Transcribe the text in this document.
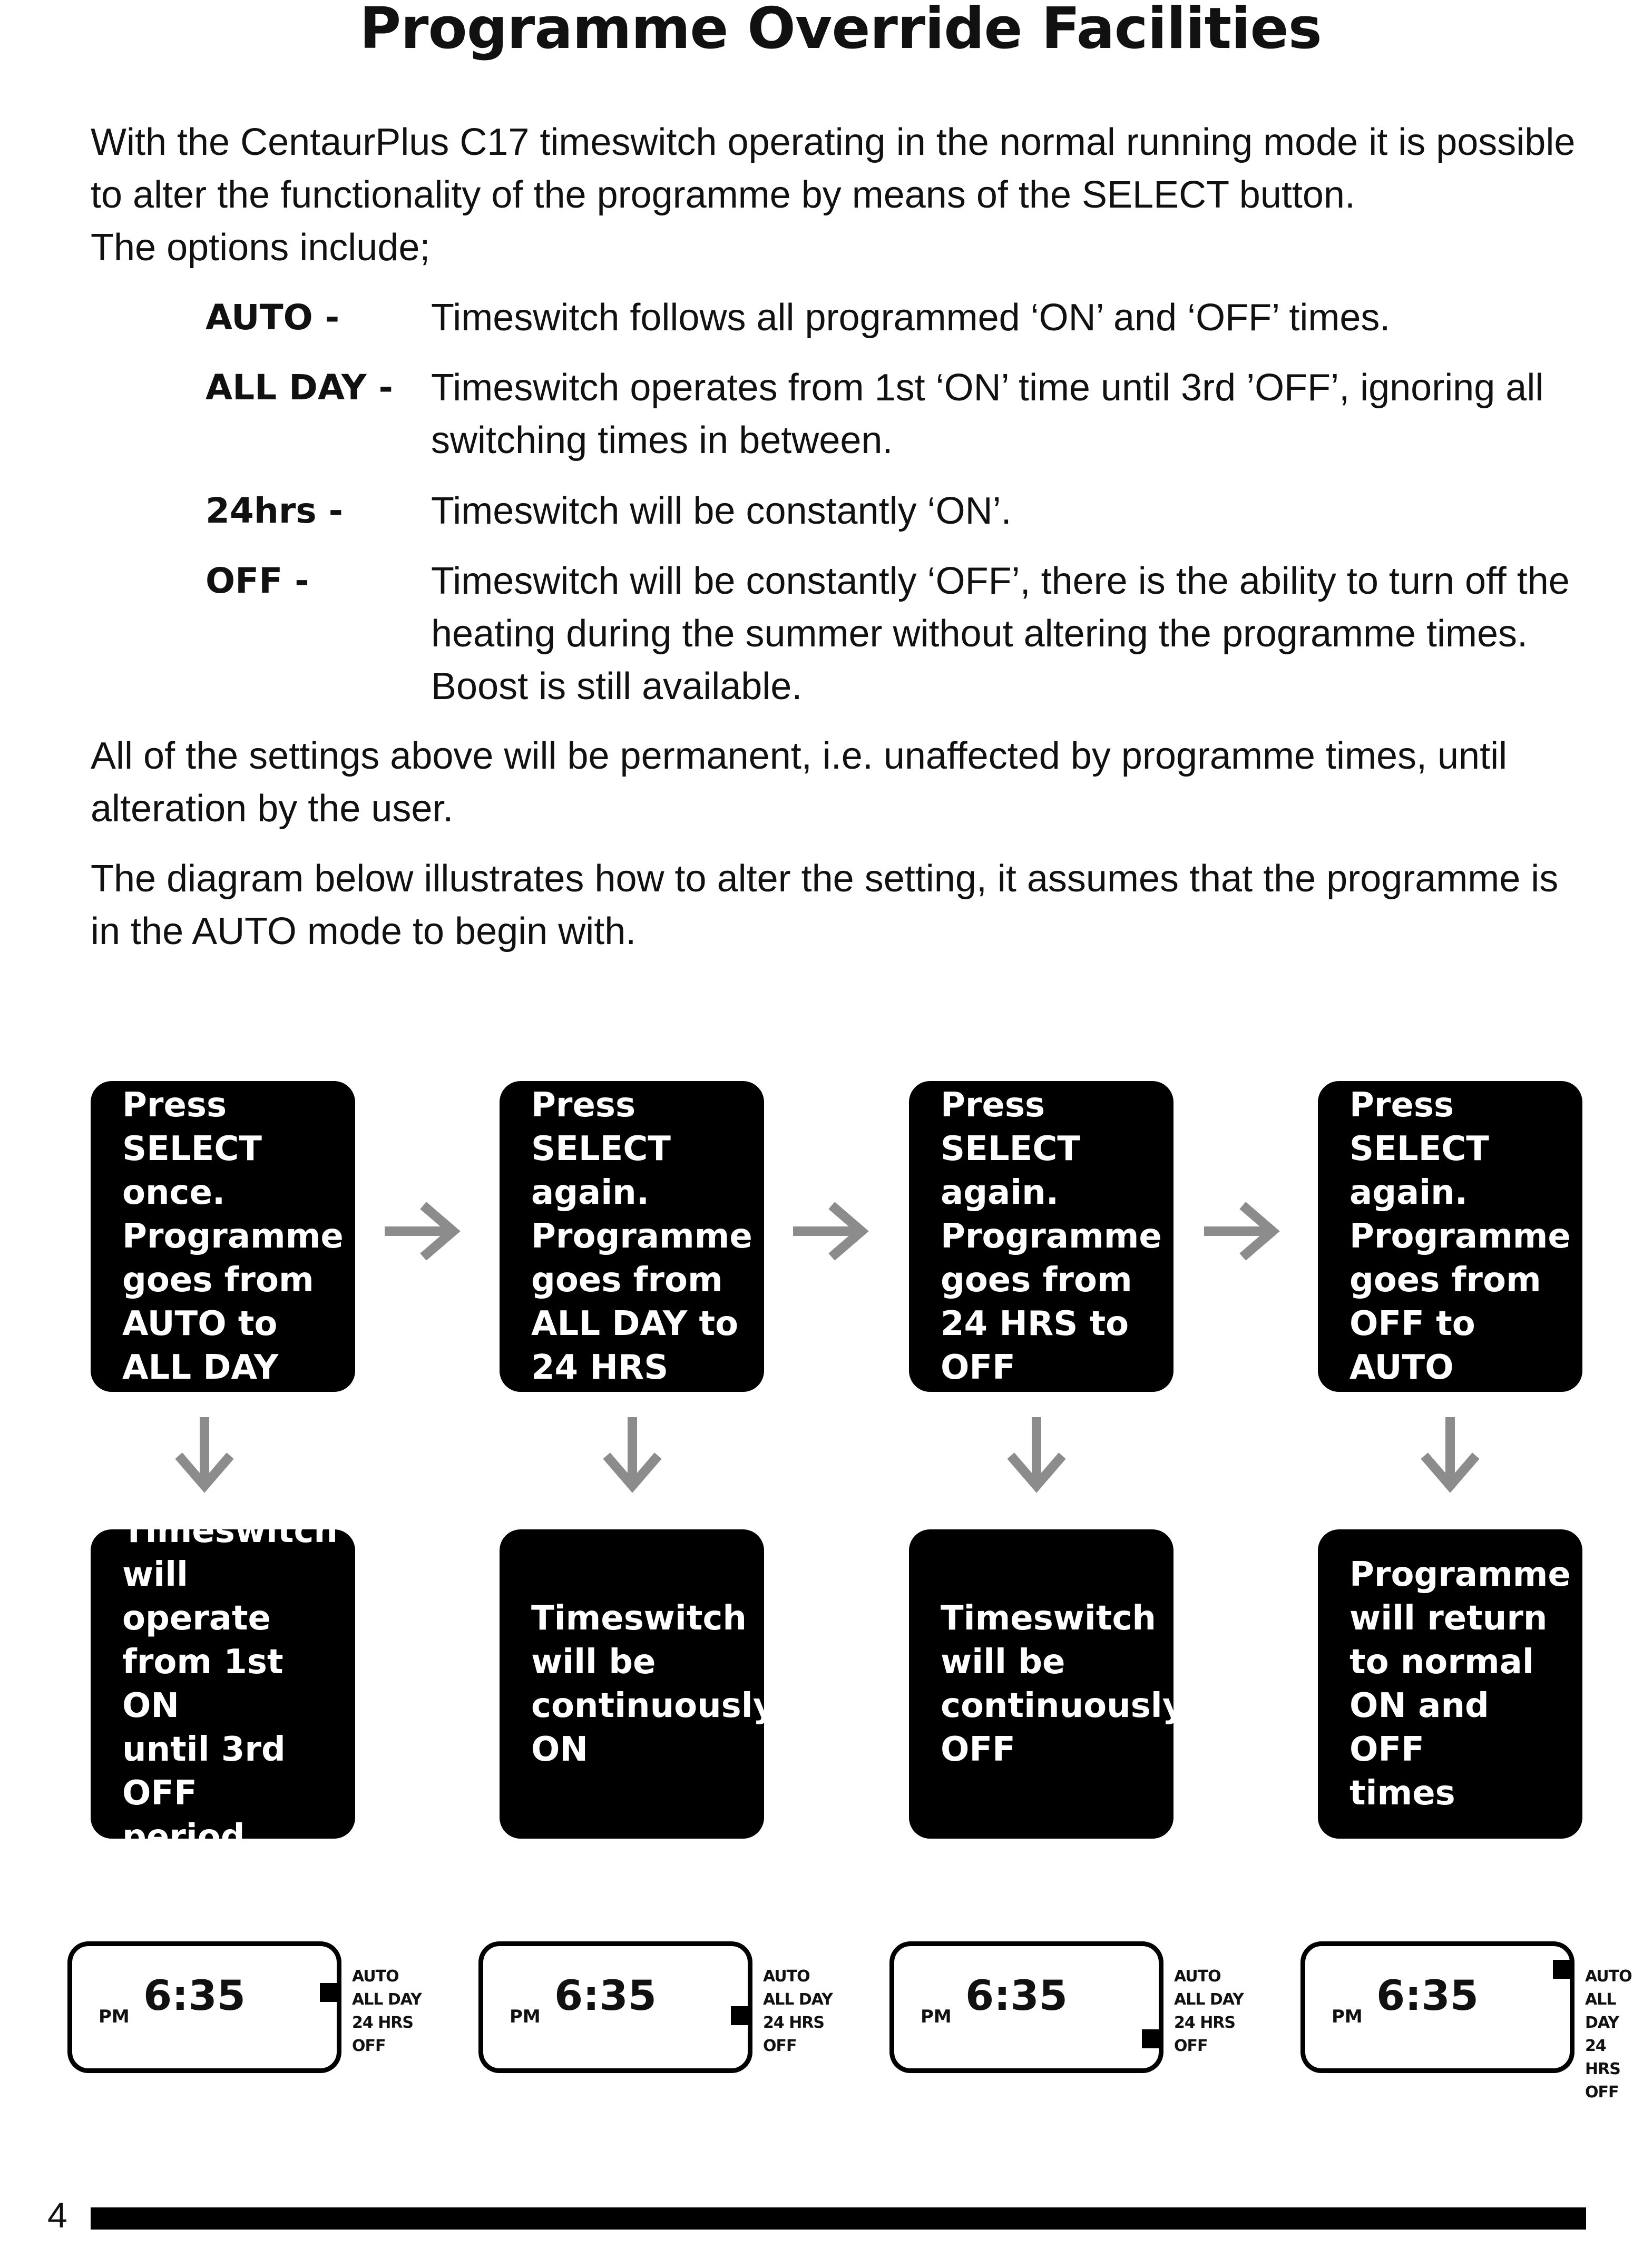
Programme Override Facilities

With the CentaurPlus C17 timeswitch operating in the normal running mode it is possible
to alter the functionality of the programme by means of the SELECT button.
The options include;

AUTO - Timeswitch follows all programmed ‘ON’ and ‘OFF’ times.
ALL DAY - Timeswitch operates from 1st ‘ON’ time until 3rd ’OFF’, ignoring all switching times in between.
24hrs - Timeswitch will be constantly ‘ON’.
OFF -	Timeswitch will be constantly ‘OFF’, there is the ability to turn off the heating during the summer without altering the programme times. Boost is still available.

All of the settings above will be permanent, i.e. unaffected by programme times, until alteration by the user.

The diagram below illustrates how to alter the setting, it assumes that the programme is in the AUTO mode to begin with.

Press SELECT
once.
Programme
goes from
AUTO to
ALL DAY
Press SELECT
again.
Programme
goes from
ALL DAY to
24 HRS
Press SELECT
again.
Programme
goes from
24 HRS to OFF
Press SELECT
again.
Programme
goes from
OFF to AUTO
Timeswitch
will operate
from 1st ON
until 3rd OFF
period
Timeswitch
will be
continuously
ON
Timeswitch
will be
continuously
OFF
Programme
will return
to normal
ON and OFF
times
PM 6:35	AUTO
ALL DAY
24 HRS
OFF
PM 6:35	AUTO
ALL DAY
24 HRS
OFF
PM 6:35	AUTO
ALL DAY
24 HRS
OFF
PM 6:35	AUTO
ALL DAY
24 HRS
OFF
4
